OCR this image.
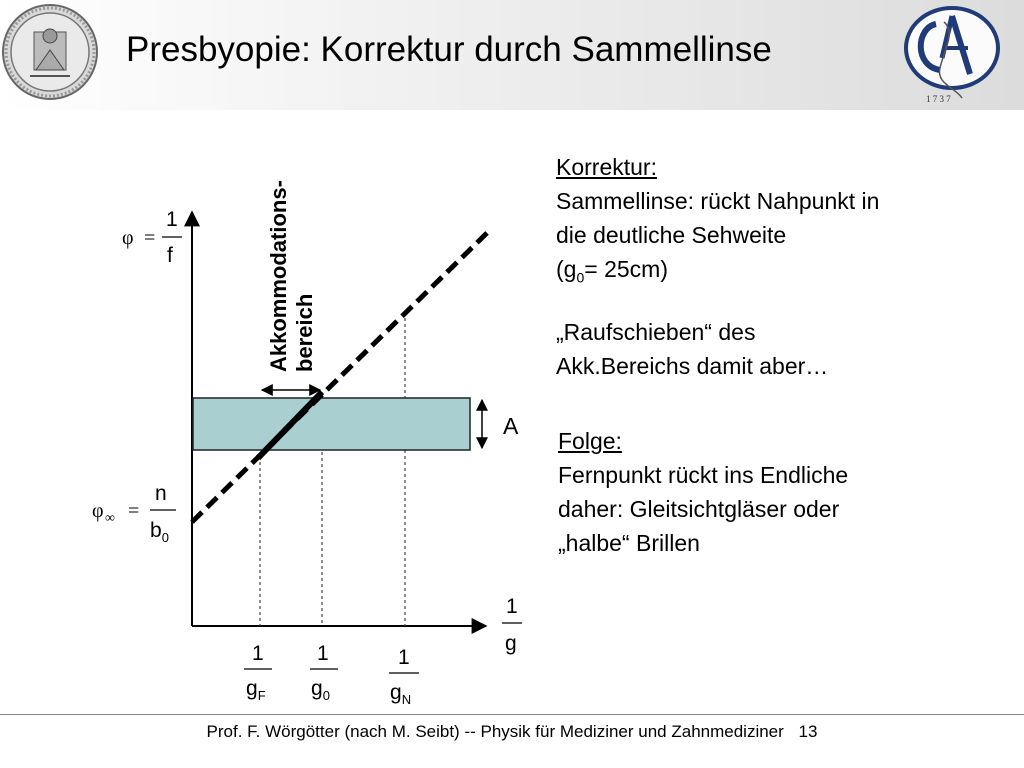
1 7 3 7
Presbyopie: Korrektur durch Sammellinse
Akkommodations- bereich
A
φ =
1
f
φ ∞ =
n
$b_0$
1
g
1
$g_F$
1
$g_0$
1
$g_N$
Korrektur:
Sammellinse: rückt Nahpunkt in
die deutliche Sehweite
$(g_0= 25cm)$
„Raufschieben“ des
Akk.Bereichs damit aber…
Folge:
Fernpunkt rückt ins Endliche
daher: Gleitsichtgläser oder
„halbe“ Brillen
Prof. F. Wörgötter (nach M. Seibt) -- Physik für Mediziner und Zahnmediziner 13
